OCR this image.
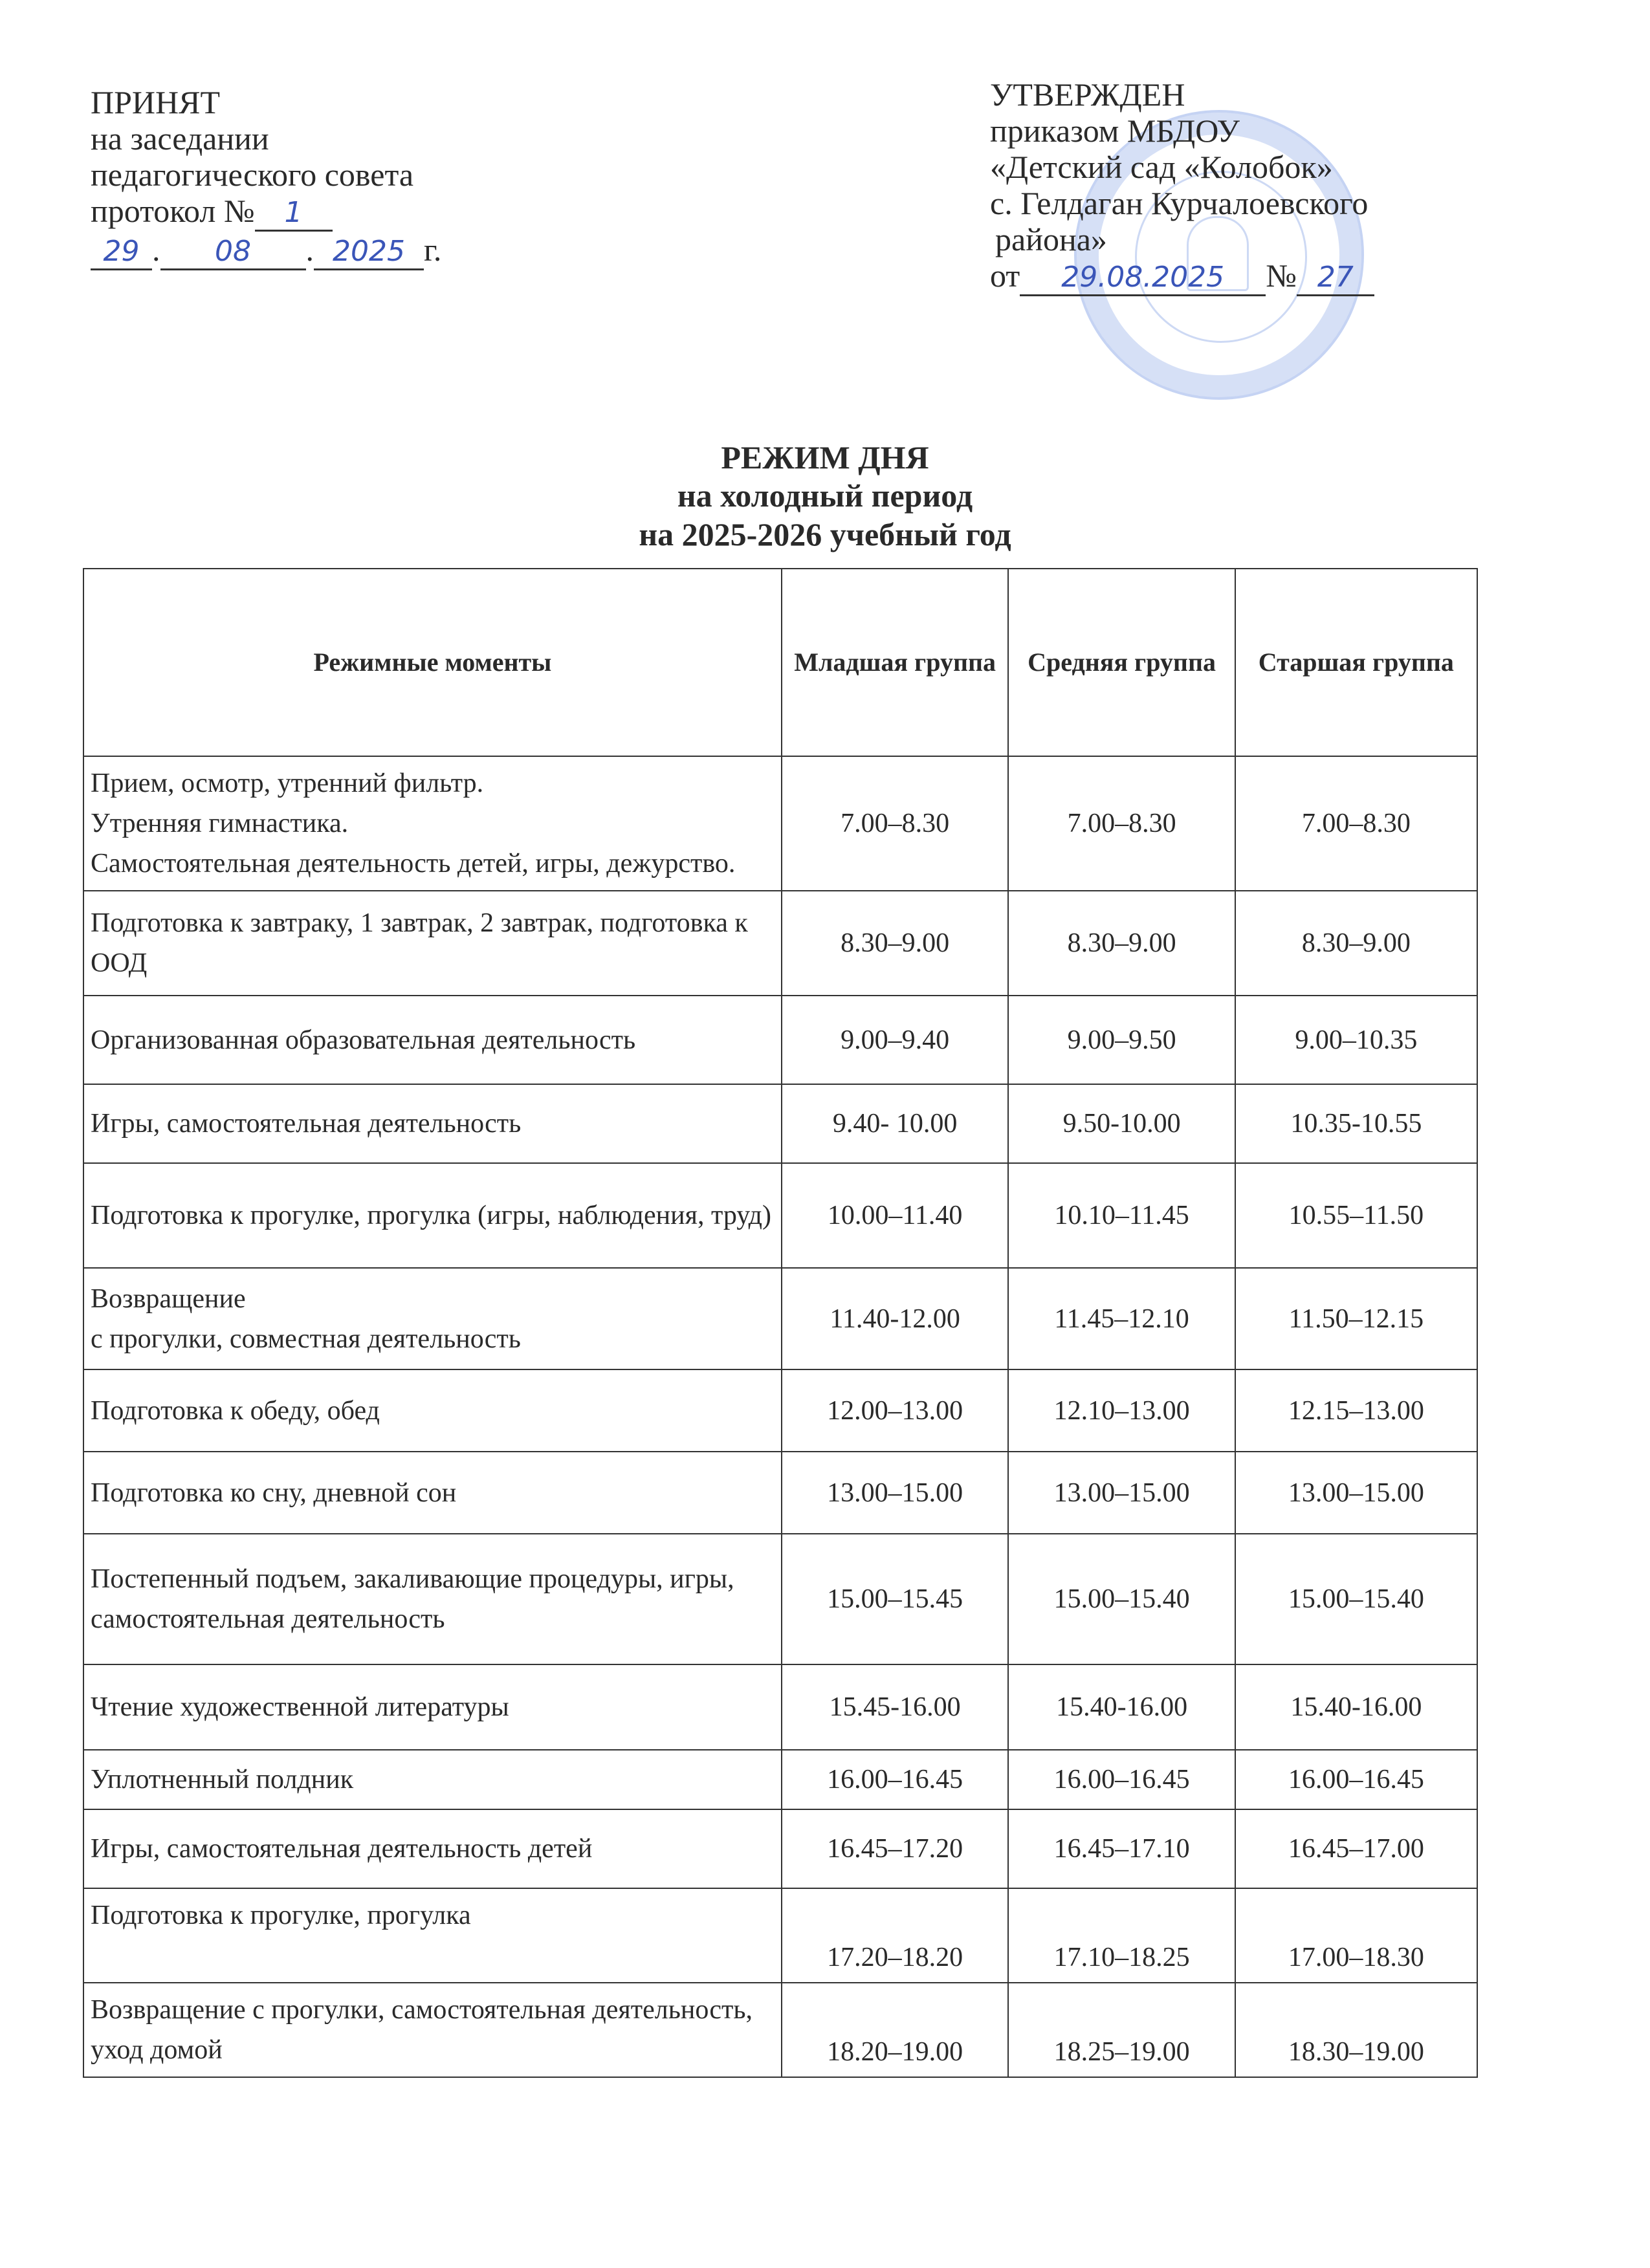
ПРИНЯТ
на заседании
педагогического совета
протокол № 1
29 . 08 . 2025 г.
УТВЕРЖДЕН
приказом МБДОУ
«Детский сад «Колобок»
с. Гелдаган Курчалоевского
района»
от 29.08.2025 № 27
РЕЖИМ ДНЯ
на холодный период
на 2025-2026 учебный год
Режимные моменты	Младшая группа	Средняя группа	Старшая группа
Прием, осмотр, утренний фильтр.
Утренняя гимнастика.
Самостоятельная деятельность детей, игры, дежурство.	7.00–8.30	7.00–8.30	7.00–8.30
Подготовка к завтраку, 1 завтрак, 2 завтрак, подготовка к ООД	8.30–9.00	8.30–9.00	8.30–9.00
Организованная образовательная деятельность	9.00–9.40	9.00–9.50	9.00–10.35
Игры, самостоятельная деятельность	9.40- 10.00	9.50-10.00	10.35-10.55
Подготовка к прогулке, прогулка (игры, наблюдения, труд)	10.00–11.40	10.10–11.45	10.55–11.50
Возвращение
с прогулки, совместная деятельность	11.40-12.00	11.45–12.10	11.50–12.15
Подготовка к обеду, обед	12.00–13.00	12.10–13.00	12.15–13.00
Подготовка ко сну, дневной сон	13.00–15.00	13.00–15.00	13.00–15.00
Постепенный подъем, закаливающие процедуры, игры, самостоятельная деятельность	15.00–15.45	15.00–15.40	15.00–15.40
Чтение художественной литературы	15.45-16.00	15.40-16.00	15.40-16.00
Уплотненный полдник	16.00–16.45	16.00–16.45	16.00–16.45
Игры, самостоятельная деятельность детей	16.45–17.20	16.45–17.10	16.45–17.00
Подготовка к прогулке, прогулка	17.20–18.20	17.10–18.25	17.00–18.30
Возвращение с прогулки, самостоятельная деятельность, уход домой	18.20–19.00	18.25–19.00	18.30–19.00
